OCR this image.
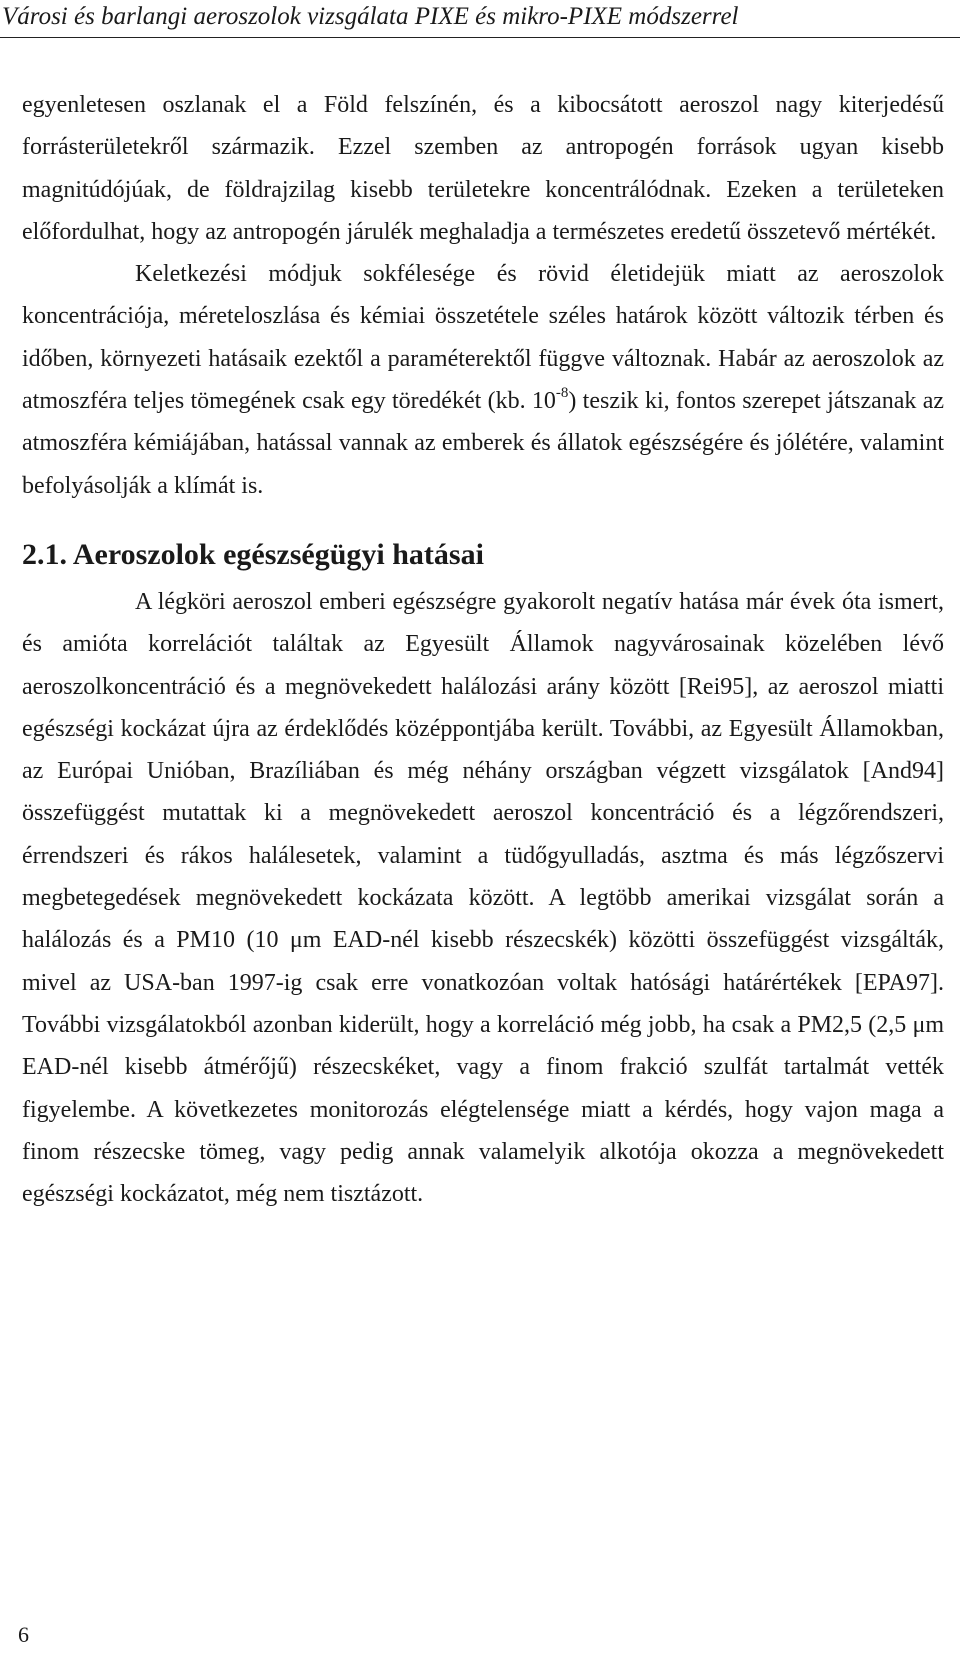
Városi és barlangi aeroszolok vizsgálata PIXE és mikro-PIXE módszerrel

egyenletesen oszlanak el a Föld felszínén, és a kibocsátott aeroszol nagy kiterjedésű forrásterületekről származik. Ezzel szemben az antropogén források ugyan kisebb magnitúdójúak, de földrajzilag kisebb területekre koncentrálódnak. Ezeken a területeken előfordulhat, hogy az antropogén járulék meghaladja a természetes eredetű összetevő mértékét.

Keletkezési módjuk sokfélesége és rövid életidejük miatt az aeroszolok koncentrációja, méreteloszlása és kémiai összetétele széles határok között változik térben és időben, környezeti hatásaik ezektől a paraméterektől függve változnak. Habár az aeroszolok az atmoszféra teljes tömegének csak egy töredékét (kb. $10^{-8}$) teszik ki, fontos szerepet játszanak az atmoszféra kémiájában, hatással vannak az emberek és állatok egészségére és jólétére, valamint befolyásolják a klímát is.

2.1. Aeroszolok egészségügyi hatásai

A légköri aeroszol emberi egészségre gyakorolt negatív hatása már évek óta ismert, és amióta korrelációt találtak az Egyesült Államok nagyvárosainak közelében lévő aeroszolkoncentráció és a megnövekedett halálozási arány között [Rei95], az aeroszol miatti egészségi kockázat újra az érdeklődés középpontjába került. További, az Egyesült Államokban, az Európai Unióban, Brazíliában és még néhány országban végzett vizsgálatok [And94] összefüggést mutattak ki a megnövekedett aeroszol koncentráció és a légzőrendszeri, érrendszeri és rákos halálesetek, valamint a tüdőgyulladás, asztma és más légzőszervi megbetegedések megnövekedett kockázata között. A legtöbb amerikai vizsgálat során a halálozás és a PM10 (10 μm EAD-nél kisebb részecskék) közötti összefüggést vizsgálták, mivel az USA-ban 1997-ig csak erre vonatkozóan voltak hatósági határértékek [EPA97]. További vizsgálatokból azonban kiderült, hogy a korreláció még jobb, ha csak a PM2,5 (2,5 μm EAD-nél kisebb átmérőjű) részecskéket, vagy a finom frakció szulfát tartalmát vették figyelembe. A következetes monitorozás elégtelensége miatt a kérdés, hogy vajon maga a finom részecske tömeg, vagy pedig annak valamelyik alkotója okozza a megnövekedett egészségi kockázatot, még nem tisztázott.

6
